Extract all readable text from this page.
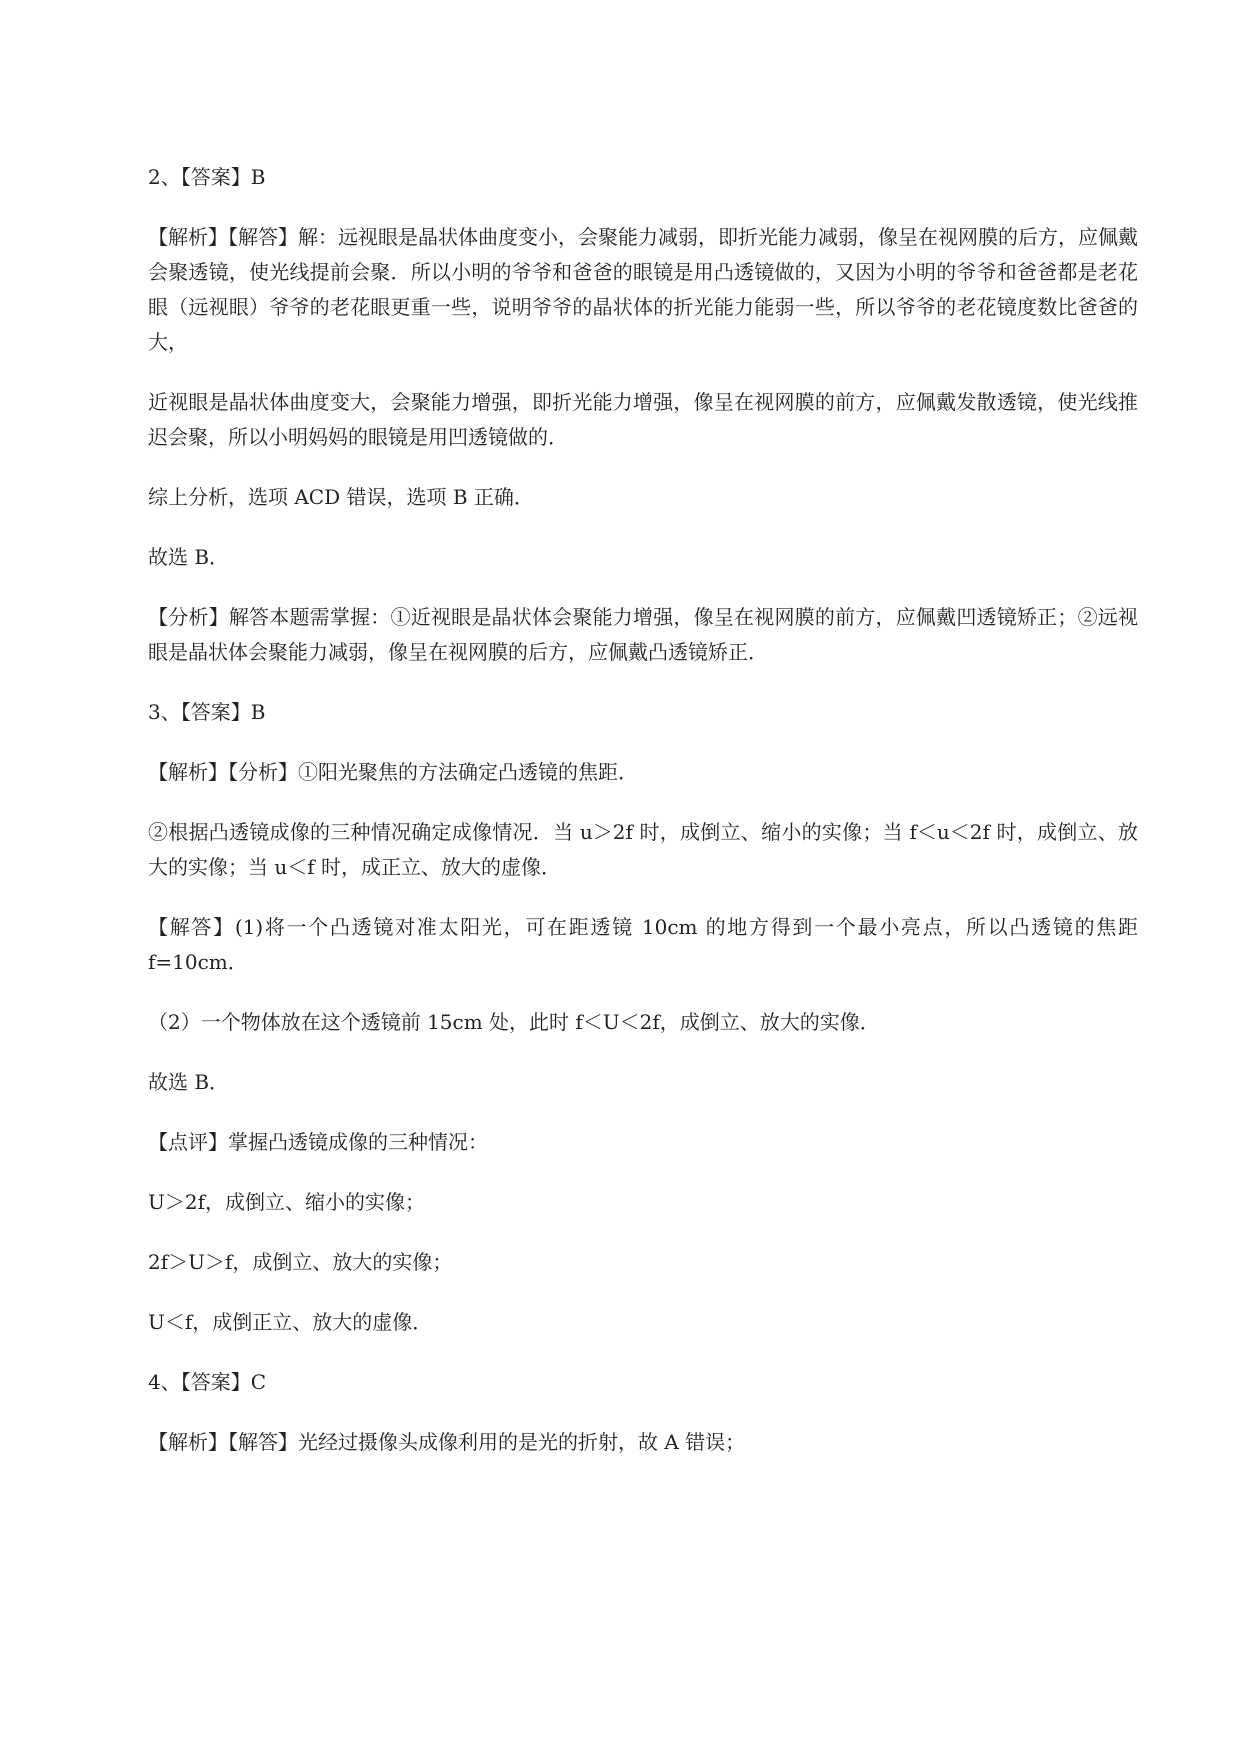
2、【答案】B

【解析】【解答】解：远视眼是晶状体曲度变小，会聚能力减弱，即折光能力减弱，像呈在视网膜的后方，应佩戴会聚透镜，使光线提前会聚．所以小明的爷爷和爸爸的眼镜是用凸透镜做的，又因为小明的爷爷和爸爸都是老花眼（远视眼）爷爷的老花眼更重一些，说明爷爷的晶状体的折光能力能弱一些，所以爷爷的老花镜度数比爸爸的大，

近视眼是晶状体曲度变大，会聚能力增强，即折光能力增强，像呈在视网膜的前方，应佩戴发散透镜，使光线推迟会聚，所以小明妈妈的眼镜是用凹透镜做的．

综上分析，选项 ACD 错误，选项 B 正确．

故选 B．

【分析】解答本题需掌握：①近视眼是晶状体会聚能力增强，像呈在视网膜的前方，应佩戴凹透镜矫正；②远视眼是晶状体会聚能力减弱，像呈在视网膜的后方，应佩戴凸透镜矫正．

3、【答案】B

【解析】【分析】①阳光聚焦的方法确定凸透镜的焦距．

②根据凸透镜成像的三种情况确定成像情况．当 u＞2f 时，成倒立、缩小的实像；当 f＜u＜2f 时，成倒立、放大的实像；当 u＜f 时，成正立、放大的虚像．

【解答】(1)将一个凸透镜对准太阳光，可在距透镜 10cm 的地方得到一个最小亮点，所以凸透镜的焦距 f=10cm．

（2）一个物体放在这个透镜前 15cm 处，此时 f＜U＜2f，成倒立、放大的实像．

故选 B．

【点评】掌握凸透镜成像的三种情况：

U＞2f，成倒立、缩小的实像；

2f＞U＞f，成倒立、放大的实像；

U＜f，成倒正立、放大的虚像．

4、【答案】C

【解析】【解答】光经过摄像头成像利用的是光的折射，故 A 错误；
